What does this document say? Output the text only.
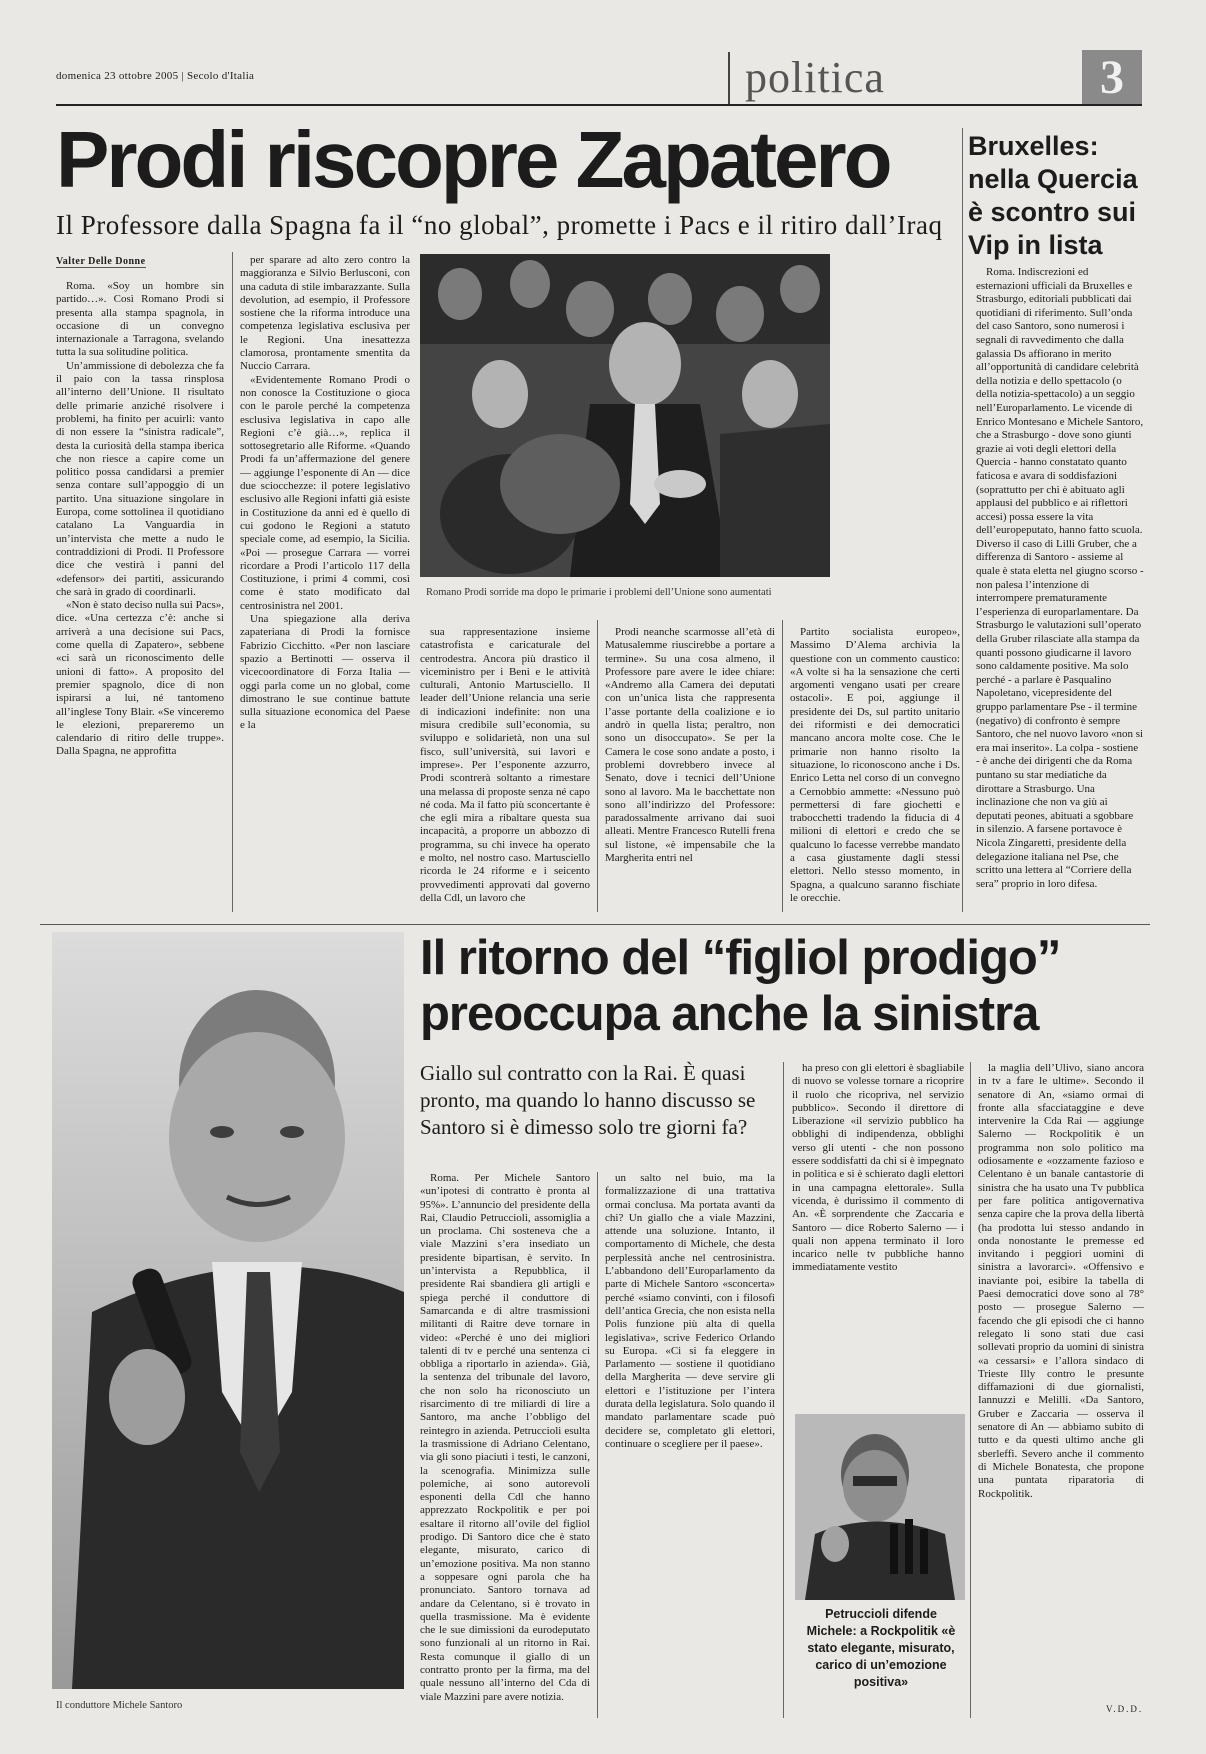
domenica 23 ottobre 2005 | Secolo d'Italia	politica	3
Prodi riscopre Zapatero
Il Professore dalla Spagna fa il “no global”, promette i Pacs e il ritiro dall’Iraq
Valter Delle Donne

Roma. «Soy un hombre sin partido…». Così Romano Prodi si presenta alla stampa spagnola, in occasione di un convegno internazionale a Tarragona, svelando tutta la sua solitudine politica.

Un’ammissione di debolezza che fa il paio con la tassa rinsplosa all’interno dell’Unione. Il risultato delle primarie anziché risolvere i problemi, ha finito per acuirli: vanto di non essere la “sinistra radicale”, desta la curiosità della stampa iberica che non riesce a capire come un politico possa candidarsi a premier senza contare sull’appoggio di un partito. Una situazione singolare in Europa, come sottolinea il quotidiano catalano La Vanguardia in un’intervista che mette a nudo le contraddizioni di Prodi. Il Professore dice che vestirà i panni del «defensor» dei partiti, assicurando che sarà in grado di coordinarli.

«Non è stato deciso nulla sui Pacs», dice. «Una certezza c’è: anche si arriverà a una decisione sui Pacs, come quella di Zapatero», sebbene «ci sarà un riconoscimento delle unioni di fatto». A proposito del premier spagnolo, dice di non ispirarsi a lui, né tantomeno all’inglese Tony Blair. «Se vinceremo le elezioni, prepareremo un calendario di ritiro delle truppe». Dalla Spagna, ne approfitta

per sparare ad alto zero contro la maggioranza e Silvio Berlusconi, con una caduta di stile imbarazzante. Sulla devolution, ad esempio, il Professore sostiene che la riforma introduce una competenza legislativa esclusiva per le Regioni. Una inesattezza clamorosa, prontamente smentita da Nuccio Carrara.

«Evidentemente Romano Prodi o non conosce la Costituzione o gioca con le parole perché la competenza esclusiva legislativa in capo alle Regioni c’è già…», replica il sottosegretario alle Riforme. «Quando Prodi fa un’affermazione del genere — aggiunge l’esponente di An — dice due sciocchezze: il potere legislativo esclusivo alle Regioni infatti già esiste in Costituzione da anni ed è quello di cui godono le Regioni a statuto speciale come, ad esempio, la Sicilia. «Poi — prosegue Carrara — vorrei ricordare a Prodi l’articolo 117 della Costituzione, i primi 4 commi, così come è stato modificato dal centrosinistra nel 2001.

Una spiegazione alla deriva zapateriana di Prodi la fornisce Fabrizio Cicchitto. «Per non lasciare spazio a Bertinotti — osserva il vicecoordinatore di Forza Italia — oggi parla come un no global, come dimostrano le sue continue battute sulla situazione economica del Paese e la

Romano Prodi sorride ma dopo le primarie i problemi dell’Unione sono aumentati

sua rappresentazione insieme catastrofista e caricaturale del centrodestra. Ancora più drastico il viceministro per i Beni e le attività culturali, Antonio Martusciello. Il leader dell’Unione relancia una serie di indicazioni indefinite: non una misura credibile sull’economia, su sviluppo e solidarietà, non una sul fisco, sull’università, sui lavori e imprese». Per l’esponente azzurro, Prodi scontrerà soltanto a rimestare una melassa di proposte senza né capo né coda. Ma il fatto più sconcertante è che egli mira a ribaltare questa sua incapacità, a proporre un abbozzo di programma, su chi invece ha operato e molto, nel nostro caso. Martusciello ricorda le 24 riforme e i seicento provvedimenti approvati dal governo della Cdl, un lavoro che

Prodi neanche scarmosse all’età di Matusalemme riuscirebbe a portare a termine». Su una cosa almeno, il Professore pare avere le idee chiare: «Andremo alla Camera dei deputati con un’unica lista che rappresenta l’asse portante della coalizione e io andrò in quella lista; peraltro, non sono un disoccupato». Se per la Camera le cose sono andate a posto, i problemi dovrebbero invece al Senato, dove i tecnici dell’Unione sono al lavoro. Ma le bacchettate non sono all’indirizzo del Professore: paradossalmente arrivano dai suoi alleati. Mentre Francesco Rutelli frena sul listone, «è impensabile che la Margherita entri nel

Partito socialista europeo», Massimo D’Alema archivia la questione con un commento caustico: «A volte si ha la sensazione che certi argomenti vengano usati per creare ostacoli». E poi, aggiunge il presidente dei Ds, sul partito unitario dei riformisti e dei democratici mancano ancora molte cose. Che le primarie non hanno risolto la situazione, lo riconoscono anche i Ds. Enrico Letta nel corso di un convegno a Cernobbio ammette: «Nessuno può permettersi di fare giochetti e trabocchetti tradendo la fiducia di 4 milioni di elettori e credo che se qualcuno lo facesse verrebbe mandato a casa giustamente dagli stessi elettori. Nello stesso momento, in Spagna, a qualcuno saranno fischiate le orecchie.

Bruxelles: nella Quercia è scontro sui Vip in lista

Roma. Indiscrezioni ed esternazioni ufficiali da Bruxelles e Strasburgo, editoriali pubblicati dai quotidiani di riferimento. Sull’onda del caso Santoro, sono numerosi i segnali di ravvedimento che dalla galassia Ds affiorano in merito all’opportunità di candidare celebrità della notizia e dello spettacolo (o della notizia-spettacolo) a un seggio nell’Europarlamento. Le vicende di Enrico Montesano e Michele Santoro, che a Strasburgo - dove sono giunti grazie ai voti degli elettori della Quercia - hanno constatato quanto faticosa e avara di soddisfazioni (soprattutto per chi è abituato agli applausi del pubblico e ai riflettori accesi) possa essere la vita dell’europeputato, hanno fatto scuola. Diverso il caso di Lilli Gruber, che a differenza di Santoro - assieme al quale è stata eletta nel giugno scorso - non palesa l’intenzione di interrompere prematuramente l’esperienza di europarlamentare. Da Strasburgo le valutazioni sull’operato della Gruber rilasciate alla stampa da quanti possono giudicarne il lavoro sono caldamente positive. Ma solo perché - a parlare è Pasqualino Napoletano, vicepresidente del gruppo parlamentare Pse - il termine (negativo) di confronto è sempre Santoro, che nel nuovo lavoro «non si era mai inserito». La colpa - sostiene - è anche dei dirigenti che da Roma puntano su star mediatiche da dirottare a Strasburgo. Una inclinazione che non va giù ai deputati peones, abituati a sgobbare in silenzio. A farsene portavoce è Nicola Zingaretti, presidente della delegazione italiana nel Pse, che scritto una lettera al “Corriere della sera” proprio in loro difesa.

Il conduttore Michele Santoro
Il ritorno del “figliol prodigo”
preoccupa anche la sinistra
Giallo sul contratto con la Rai. È quasi pronto, ma quando lo hanno discusso se Santoro si è dimesso solo tre giorni fa?

Roma. Per Michele Santoro «un’ipotesi di contratto è pronta al 95%». L’annuncio del presidente della Rai, Claudio Petruccioli, assomiglia a un proclama. Chi sosteneva che a viale Mazzini s’era insediato un presidente bipartisan, è servito. In un’intervista a Repubblica, il presidente Rai sbandiera gli artigli e spiega perché il conduttore di Samarcanda e di altre trasmissioni militanti di Raitre deve tornare in video: «Perché è uno dei migliori talenti di tv e perché una sentenza ci obbliga a riportarlo in azienda». Già, la sentenza del tribunale del lavoro, che non solo ha riconosciuto un risarcimento di tre miliardi di lire a Santoro, ma anche l’obbligo del reintegro in azienda. Petruccioli esulta la trasmissione di Adriano Celentano, via gli sono piaciuti i testi, le canzoni, la scenografia. Minimizza sulle polemiche, ai sono autorevoli esponenti della Cdl che hanno apprezzato Rockpolitik e per poi esaltare il ritorno all’ovile del figliol prodigo. Di Santoro dice che è stato elegante, misurato, carico di un’emozione positiva. Ma non stanno a soppesare ogni parola che ha pronunciato. Santoro tornava ad andare da Celentano, si è trovato in quella trasmissione. Ma è evidente che le sue dimissioni da eurodeputato sono funzionali al un ritorno in Rai. Resta comunque il giallo di un contratto pronto per la firma, ma del quale nessuno all’interno del Cda di viale Mazzini pare avere notizia.

un salto nel buio, ma la formalizzazione di una trattativa ormai conclusa. Ma portata avanti da chi? Un giallo che a viale Mazzini, attende una soluzione. Intanto, il comportamento di Michele, che desta perplessità anche nel centrosinistra. L’abbandono dell’Europarlamento da parte di Michele Santoro «sconcerta» perché «siamo convinti, con i filosofi dell’antica Grecia, che non esista nella Polis funzione più alta di quella legislativa», scrive Federico Orlando su Europa. «Ci si fa eleggere in Parlamento — sostiene il quotidiano della Margherita — deve servire gli elettori e l’istituzione per l’intera durata della legislatura. Solo quando il mandato parlamentare scade può decidere se, completato gli elettori, continuare o scegliere per il paese».

ha preso con gli elettori è sbagliabile di nuovo se volesse tornare a ricoprire il ruolo che ricopriva, nel servizio pubblico». Secondo il direttore di Liberazione «il servizio pubblico ha obblighi di indipendenza, obblighi verso gli utenti - che non possono essere soddisfatti da chi si è impegnato in politica e si è schierato dagli elettori in una campagna elettorale». Sulla vicenda, è durissimo il commento di An. «È sorprendente che Zaccaria e Santoro — dice Roberto Salerno — i quali non appena terminato il loro incarico nelle tv pubbliche hanno immediatamente vestito

Petruccioli difende Michele: a Rockpolitik «è stato elegante, misurato, carico di un’emozione positiva»

la maglia dell’Ulivo, siano ancora in tv a fare le ultime». Secondo il senatore di An, «siamo ormai di fronte alla sfacciataggine e deve intervenire la Cda Rai — aggiunge Salerno — Rockpolitik è un programma non solo politico ma odiosamente e «ozzamente fazioso e Celentano è un banale cantastorie di sinistra che ha usato una Tv pubblica per fare politica antigovernativa senza capire che la prova della libertà (ha prodotta lui stesso andando in onda nonostante le premesse ed invitando i peggiori uomini di sinistra a lavorarci». «Offensivo e inaviante poi, esibire la tabella di Paesi democratici dove sono al 78° posto — prosegue Salerno — facendo che gli episodi che ci hanno relegato li sono stati due casi sollevati proprio da uomini di sinistra «a cessarsi» e l’allora sindaco di Trieste Illy contro le presunte diffamazioni di due giornalisti, Iannuzzi e Melilli. «Da Santoro, Gruber e Zaccaria — osserva il senatore di An — abbiamo subito di tutto e da questi ultimo anche gli sberleffi. Severo anche il commento di Michele Bonatesta, che propone una puntata riparatoria di Rockpolitik.

V.D.D.
